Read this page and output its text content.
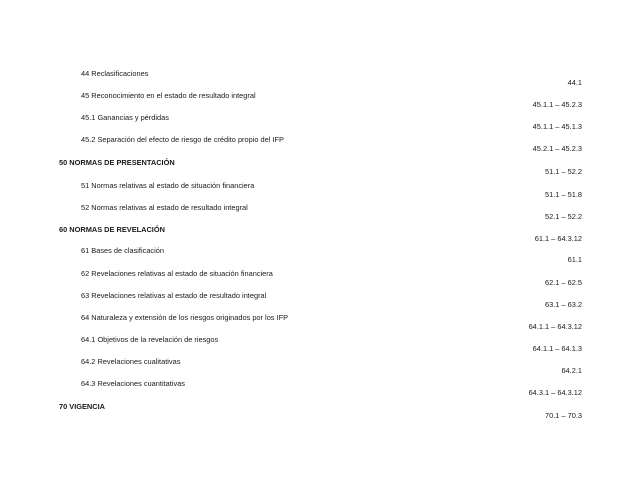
44 Reclasificaciones
44.1
45 Reconocimiento en el estado de resultado integral
45.1.1 – 45.2.3
45.1 Ganancias y pérdidas
45.1.1 – 45.1.3
45.2 Separación del efecto de riesgo de crédito propio del IFP
45.2.1 – 45.2.3
50 NORMAS DE PRESENTACIÓN
51.1 – 52.2
51 Normas relativas al estado de situación financiera
51.1 – 51.8
52 Normas relativas al estado de resultado integral
52.1 – 52.2
60 NORMAS DE REVELACIÓN
61.1 – 64.3.12
61 Bases de clasificación
61.1
62 Revelaciones relativas al estado de situación financiera
62.1 – 62.5
63 Revelaciones relativas al estado de resultado integral
63.1 – 63.2
64 Naturaleza y extensión de los riesgos originados por los IFP
64.1.1 – 64.3.12
64.1 Objetivos de la revelación de riesgos
64.1.1 – 64.1.3
64.2 Revelaciones cualitativas
64.2.1
64.3 Revelaciones cuantitativas
64.3.1 – 64.3.12
70 VIGENCIA
70.1 – 70.3
